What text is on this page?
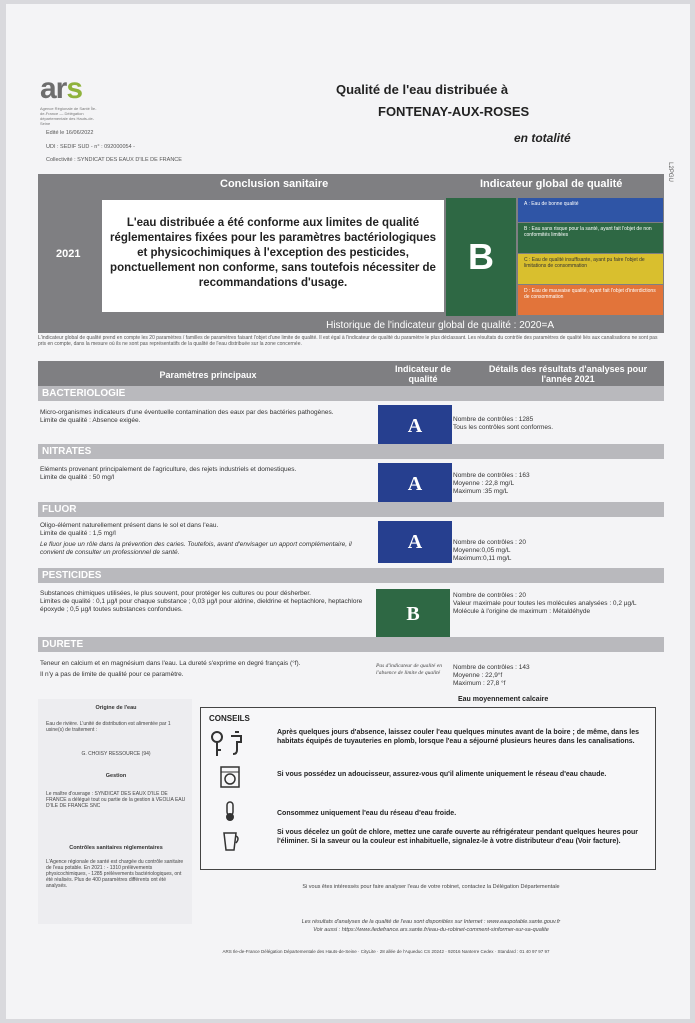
ars
Agence Régionale de Santé Île-de-France — Délégation départementale des Hauts-de-Seine
Qualité de l'eau distribuée à
FONTENAY-AUX-ROSES
en totalité
Edité le 16/06/2022
UDI : SEDIF SUD - n° : 092000054 -
Collectivité : SYNDICAT DES EAUX D'ILE DE FRANCE
L2PGU
Conclusion sanitaire	Indicateur global de qualité
2021
L'eau distribuée a été conforme aux limites de qualité réglementaires fixées pour les paramètres bactériologiques et physicochimiques à l'exception des pesticides, ponctuellement non conforme, sans toutefois nécessiter de recommandations d'usage.
B
A : Eau de bonne qualité
B : Eau sans risque pour la santé, ayant fait l'objet de non conformités limitées
C : Eau de qualité insuffisante, ayant pu faire l'objet de limitations de consommation
D : Eau de mauvaise qualité, ayant fait l'objet d'interdictions de consommation
Historique de l'indicateur global de qualité : 2020=A
L'indicateur global de qualité prend en compte les 20 paramètres / familles de paramètres faisant l'objet d'une limite de qualité. Il est égal à l'indicateur de qualité du paramètre le plus déclassant. Les résultats du contrôle des paramètres de qualité liés aux canalisations ne sont pas pris en compte, dans la mesure où ils ne sont pas représentatifs de la qualité de l'eau distribuée sur la zone concernée.
Paramètres principaux
Indicateur de qualité
Détails des résultats d'analyses pour l'année 2021
BACTERIOLOGIE
Micro-organismes indicateurs d'une éventuelle contamination des eaux par des bactéries pathogènes.
Limite de qualité : Absence exigée.	A	Nombre de contrôles : 1285
Tous les contrôles sont conformes.
NITRATES
Eléments provenant principalement de l'agriculture, des rejets industriels et domestiques.
Limite de qualité : 50 mg/l	A	Nombre de contrôles : 163
Moyenne : 22,8 mg/L
Maximum :35 mg/L
FLUOR
Oligo-élément naturellement présent dans le sol et dans l'eau.
Limite de qualité : 1,5 mg/l
Le fluor joue un rôle dans la prévention des caries. Toutefois, avant d'envisager un apport complémentaire, il convient de consulter un professionnel de santé.	A	Nombre de contrôles : 20
Moyenne:0,05 mg/L
Maximum:0,11 mg/L
PESTICIDES
Substances chimiques utilisées, le plus souvent, pour protéger les cultures ou pour désherber.
Limites de qualité : 0,1 µg/l pour chaque substance ; 0,03 µg/l pour aldrine, dieldrine et heptachlore, heptachlore époxyde ; 0,5 µg/l toutes substances confondues.	B
Nombre de contrôles : 20
Valeur maximale pour toutes les molécules analysées : 0,2 µg/L
Molécule à l'origine de maximum : Métaldéhyde
DURETE
Teneur en calcium et en magnésium dans l'eau. La dureté s'exprime en degré français (°f).
Il n'y a pas de limite de qualité pour ce paramètre.
Pas d'indicateur de qualité en l'absence de limite de qualité
Nombre de contrôles : 143
Moyenne : 22,9°f
Maximum : 27,8 °f
Eau moyennement calcaire
Origine de l'eau
Eau de rivière. L'unité de distribution est alimentée par 1 usine(s) de traitement :
G. CHOISY RESSOURCE (94)
Gestion
Le maître d'ouvrage : SYNDICAT DES EAUX D'ILE DE FRANCE a délégué tout ou partie de la gestion à VEOLIA EAU D'ILE DE FRANCE SNC
Contrôles sanitaires réglementaires
L'Agence régionale de santé est chargée du contrôle sanitaire de l'eau potable. En 2021 : - 1310 prélèvements physicochimiques, - 1285 prélèvements bactériologiques, ont été réalisés. Plus de 400 paramètres différents ont été analysés.
CONSEILS
Après quelques jours d'absence, laissez couler l'eau quelques minutes avant de la boire ; de même, dans les habitats équipés de tuyauteries en plomb, lorsque l'eau a séjourné plusieurs heures dans les canalisations.
Si vous possédez un adoucisseur, assurez-vous qu'il alimente uniquement le réseau d'eau chaude.
Consommez uniquement l'eau du réseau d'eau froide.
Si vous décelez un goût de chlore, mettez une carafe ouverte au réfrigérateur pendant quelques heures pour l'éliminer. Si la saveur ou la couleur est inhabituelle, signalez-le à votre distributeur d'eau (Voir facture).
Si vous êtes intéressés pour faire analyser l'eau de votre robinet, contactez la Délégation Départementale
Les résultats d'analyses de la qualité de l'eau sont disponibles sur Internet : www.eaupotable.sante.gouv.fr
Voir aussi : https://www.iledefrance.ars.sante.fr/eau-du-robinet-comment-sinformer-sur-sa-qualite
ARS Ile-de-France Délégation Départementale des Hauts-de-Seine · CityLite · 28 allée de l'Aqueduc CS 20242 · 92016 Nanterre Cedex · Standard : 01 40 97 97 97
